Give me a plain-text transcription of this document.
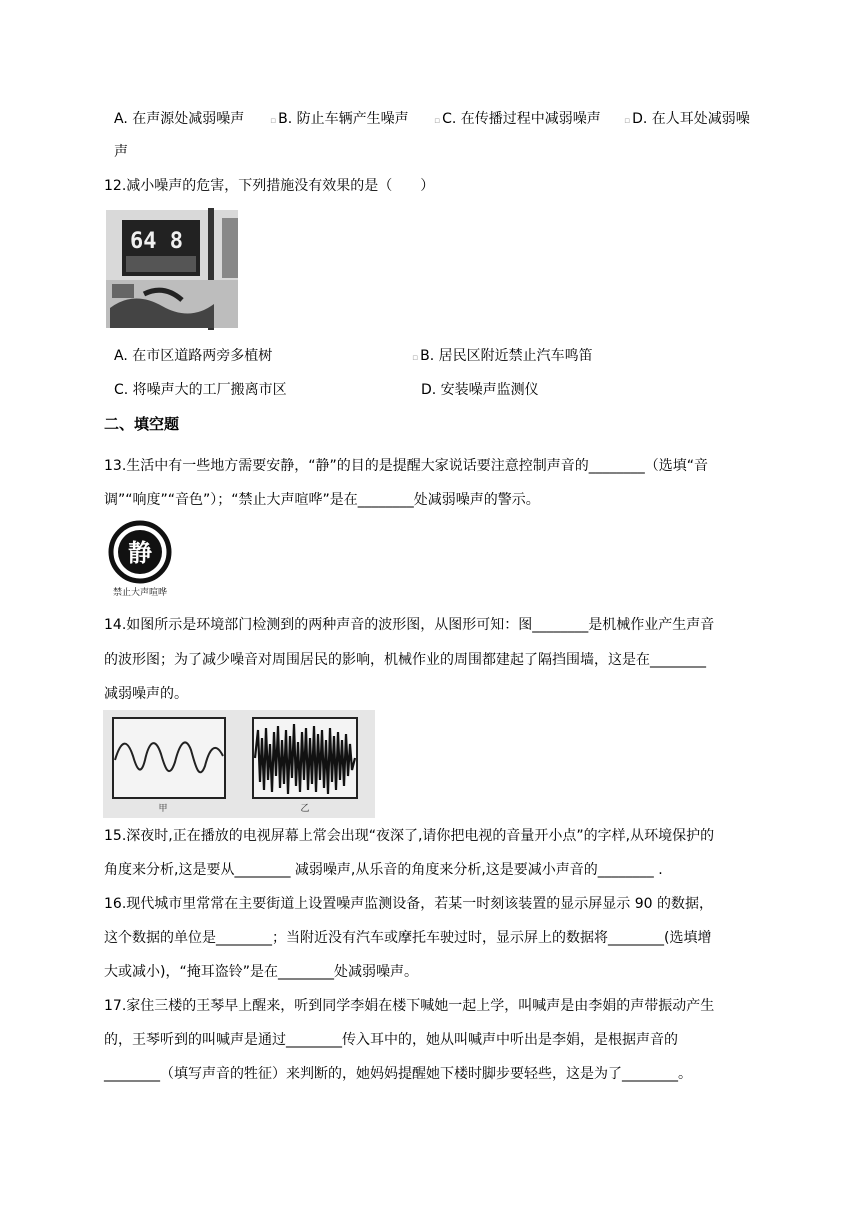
A. 在声源处减弱噪声	▫ B. 防止车辆产生噪声	▫ C. 在传播过程中减弱噪声	▫ D. 在人耳处减弱噪
声
12.减小噪声的危害，下列措施没有效果的是（　　）
64 8
A. 在市区道路两旁多植树	▫ B. 居民区附近禁止汽车鸣笛
C. 将噪声大的工厂搬离市区	D. 安装噪声监测仪
二、填空题
13.生活中有一些地方需要安静，“静”的目的是提醒大家说话要注意控制声音的________（选填“音
调”“响度”“音色”）；“禁止大声喧哗”是在________处减弱噪声的警示。
静
禁止大声喧哗
14.如图所示是环境部门检测到的两种声音的波形图，从图形可知：图________是机械作业产生声音
的波形图；为了减少噪音对周围居民的影响，机械作业的周围都建起了隔挡围墙，这是在________
减弱噪声的。
甲	乙
15.深夜时,正在播放的电视屏幕上常会出现“夜深了,请你把电视的音量开小点”的字样,从环境保护的
角度来分析,这是要从________ 减弱噪声,从乐音的角度来分析,这是要减小声音的________ .
16.现代城市里常常在主要街道上设置噪声监测设备，若某一时刻该装置的显示屏显示 90 的数据，
这个数据的单位是________；当附近没有汽车或摩托车驶过时，显示屏上的数据将________(选填增
大或减小)，“掩耳盗铃”是在________处减弱噪声。
17.家住三楼的王琴早上醒来，听到同学李娟在楼下喊她一起上学，叫喊声是由李娟的声带振动产生
的，王琴听到的叫喊声是通过________传入耳中的，她从叫喊声中听出是李娟，是根据声音的
________（填写声音的牲征）来判断的，她妈妈提醒她下楼时脚步要轻些，这是为了________。
